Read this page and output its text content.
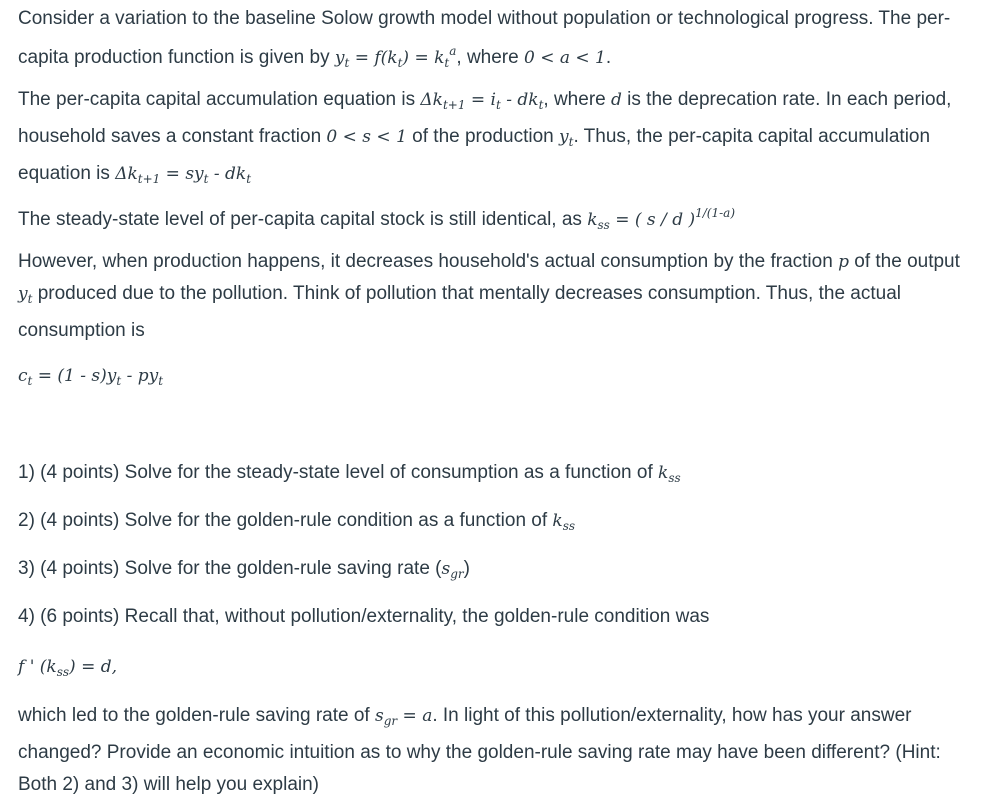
Consider a variation to the baseline Solow growth model without population or technological progress. The per-capita production function is given by $y_t = f(k_t) = k_t^a$, where 0 < a < 1.

The per-capita capital accumulation equation is $\Delta k_{t+1} = i_t - dk_t$, where d is the deprecation rate. In each period, household saves a constant fraction 0 < s < 1 of the production $y_t$. Thus, the per-capita capital accumulation equation is $\Delta k_{t+1} = sy_t - dk_t$

The steady-state level of per-capita capital stock is still identical, as $k_{ss}$ = ( s / d )$^{1/(1-a)}$

However, when production happens, it decreases household's actual consumption by the fraction p of the output $y_t$ produced due to the pollution. Think of pollution that mentally decreases consumption. Thus, the actual consumption is

$c_t = (1 - s)y_t - py_t$

1) (4 points) Solve for the steady-state level of consumption as a function of $k_{ss}$

2) (4 points) Solve for the golden-rule condition as a function of $k_{ss}$

3) (4 points) Solve for the golden-rule saving rate $(s_{gr})$

4) (6 points) Recall that, without pollution/externality, the golden-rule condition was

f ' $(k_{ss}) = d$,

which led to the golden-rule saving rate of $s_{gr} = a$. In light of this pollution/externality, how has your answer changed? Provide an economic intuition as to why the golden-rule saving rate may have been different? (Hint: Both 2) and 3) will help you explain)
